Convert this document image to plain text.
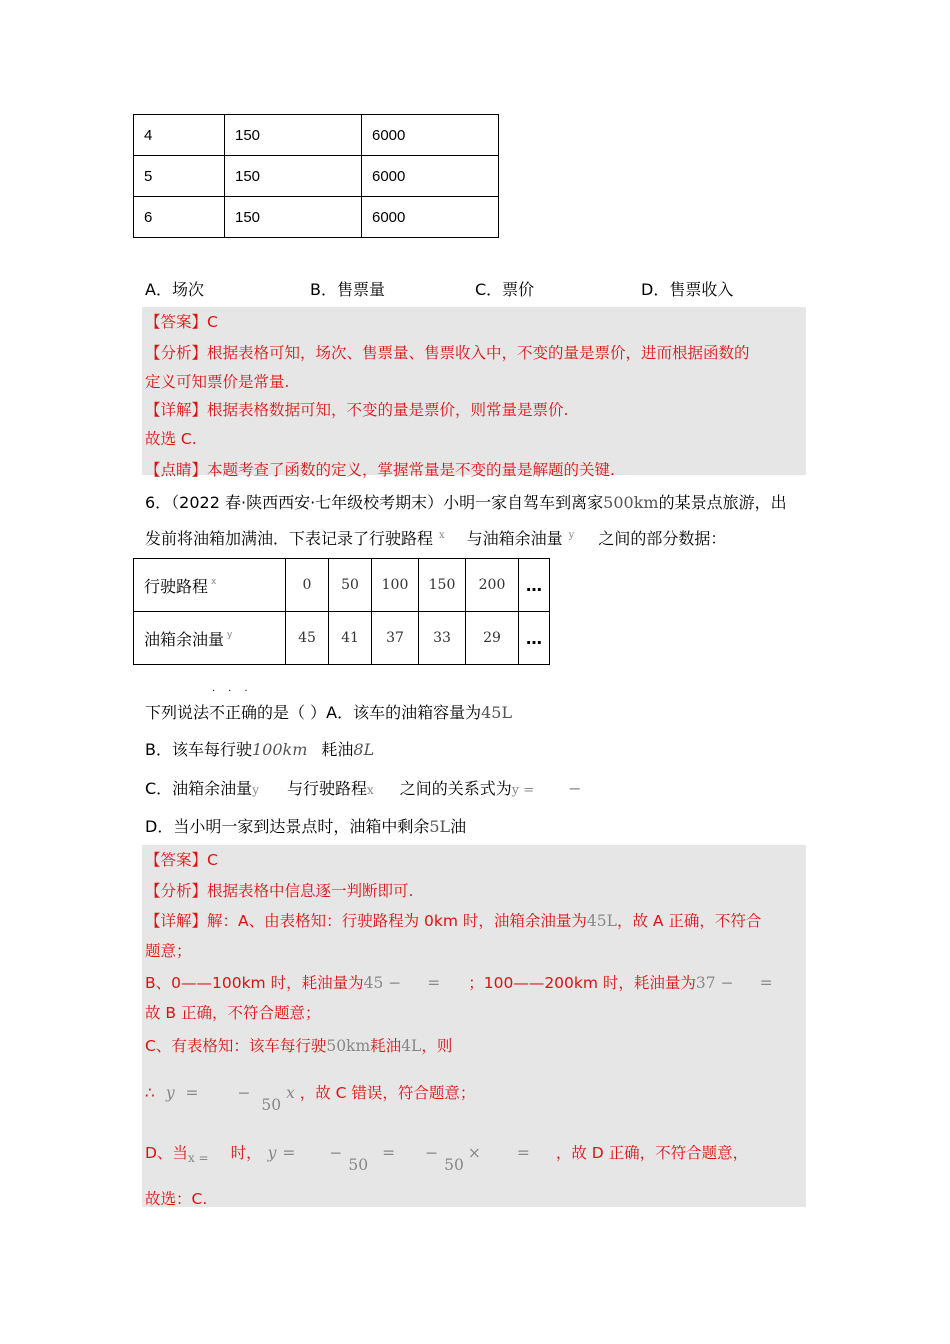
4	150	6000
5	150	6000
6	150	6000
A．场次	B．售票量	C．票价	D．售票收入
【答案】C
【分析】根据表格可知，场次、售票量、售票收入中，不变的量是票价，进而根据函数的
定义可知票价是常量.
【详解】根据表格数据可知，不变的量是票价，则常量是票价.
故选 C.
【点睛】本题考查了函数的定义，掌握常量是不变的量是解题的关键.
6．（2022 春·陕西西安·七年级校考期末）小明一家自驾车到离家500km的某景点旅游，出
发前将油箱加满油．下表记录了行驶路程 $^x$ 与油箱余油量 $^y$ 之间的部分数据：
行驶路程 $^x$	0	50	100	150	200	…
油箱余油量 $^y$	45	41	37	33	29	…
···
下列说法不正确的是（ ）A．该车的油箱容量为45L
B．该车每行驶100km 耗油8L
C．油箱余油量y 与行驶路程x 之间的关系式为y = −
D．当小明一家到达景点时，油箱中剩余5L油
【答案】C
【分析】根据表格中信息逐一判断即可.
【详解】解：A、由表格知：行驶路程为 0km 时，油箱余油量为45L，故 A 正确，不符合
题意；
B、0——100km 时，耗油量为45 − = ；100——200km 时，耗油量为37 − =
故 B 正确，不符合题意；
C、有表格知：该车每行驶50km耗油4L，则
∴ y =	− 50 x ，故 C 错误，符合题意；
D、当$_{x =}$ 时， y = −50= −50× = ，故 D 正确，不符合题意，
故选：C.
